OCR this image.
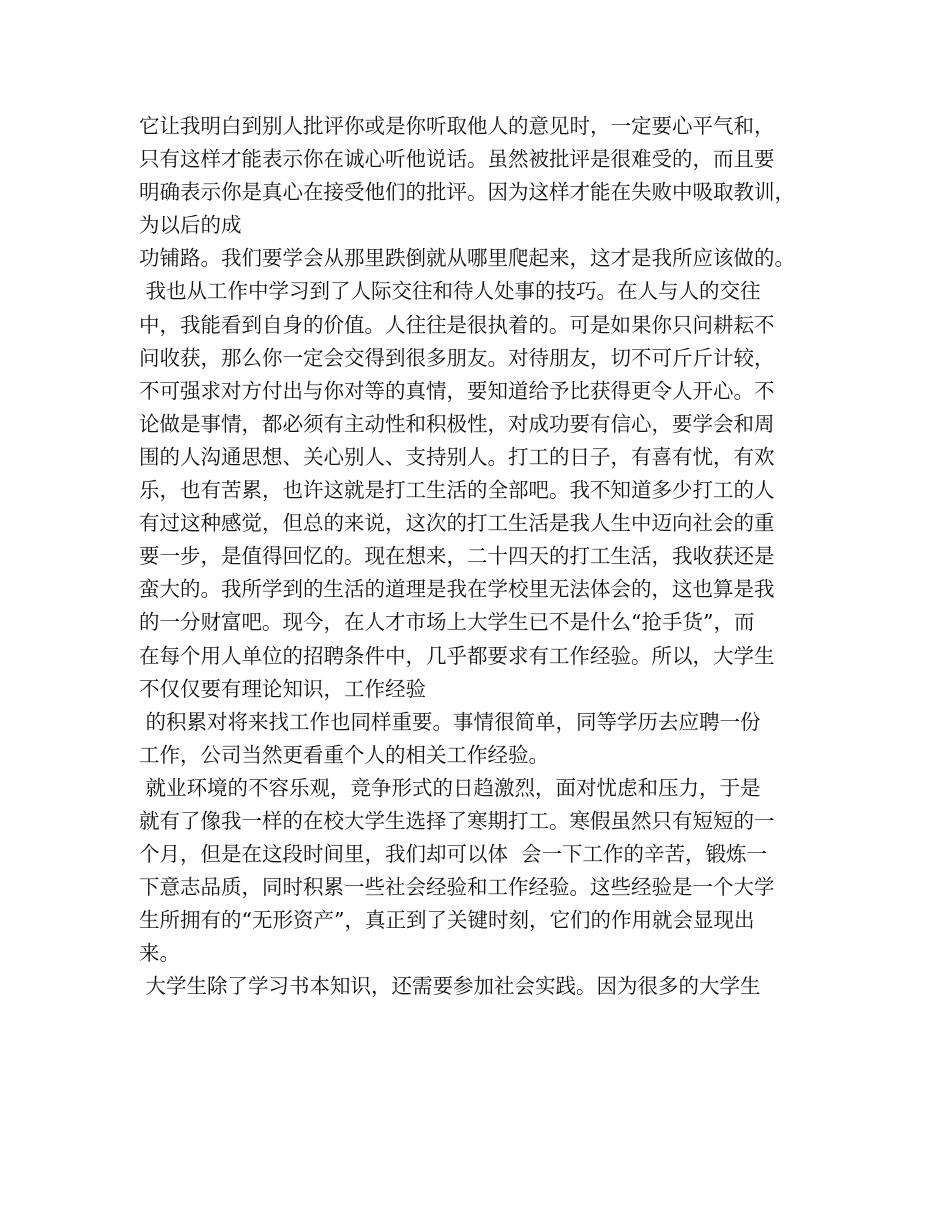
它让我明白到别人批评你或是你听取他人的意见时，一定要心平气和，
只有这样才能表示你在诚心听他说话。虽然被批评是很难受的，而且要
明确表示你是真心在接受他们的批评。因为这样才能在失败中吸取教训，
为以后的成
功铺路。我们要学会从那里跌倒就从哪里爬起来，这才是我所应该做的。
我也从工作中学习到了人际交往和待人处事的技巧。在人与人的交往
中，我能看到自身的价值。人往往是很执着的。可是如果你只问耕耘不
问收获，那么你一定会交得到很多朋友。对待朋友，切不可斤斤计较，
不可强求对方付出与你对等的真情，要知道给予比获得更令人开心。不
论做是事情，都必须有主动性和积极性，对成功要有信心，要学会和周
围的人沟通思想、关心别人、支持别人。打工的日子，有喜有忧，有欢
乐，也有苦累，也许这就是打工生活的全部吧。我不知道多少打工的人
有过这种感觉，但总的来说，这次的打工生活是我人生中迈向社会的重
要一步，是值得回忆的。现在想来，二十四天的打工生活，我收获还是
蛮大的。我所学到的生活的道理是我在学校里无法体会的，这也算是我
的一分财富吧。现今，在人才市场上大学生已不是什么“抢手货”，而
在每个用人单位的招聘条件中，几乎都要求有工作经验。所以，大学生
不仅仅要有理论知识，工作经验
的积累对将来找工作也同样重要。事情很简单，同等学历去应聘一份
工作，公司当然更看重个人的相关工作经验。
就业环境的不容乐观，竞争形式的日趋激烈，面对忧虑和压力，于是
就有了像我一样的在校大学生选择了寒期打工。寒假虽然只有短短的一
个月，但是在这段时间里，我们却可以体  会一下工作的辛苦，锻炼一
下意志品质，同时积累一些社会经验和工作经验。这些经验是一个大学
生所拥有的“无形资产”，真正到了关键时刻，它们的作用就会显现出
来。
大学生除了学习书本知识，还需要参加社会实践。因为很多的大学生
